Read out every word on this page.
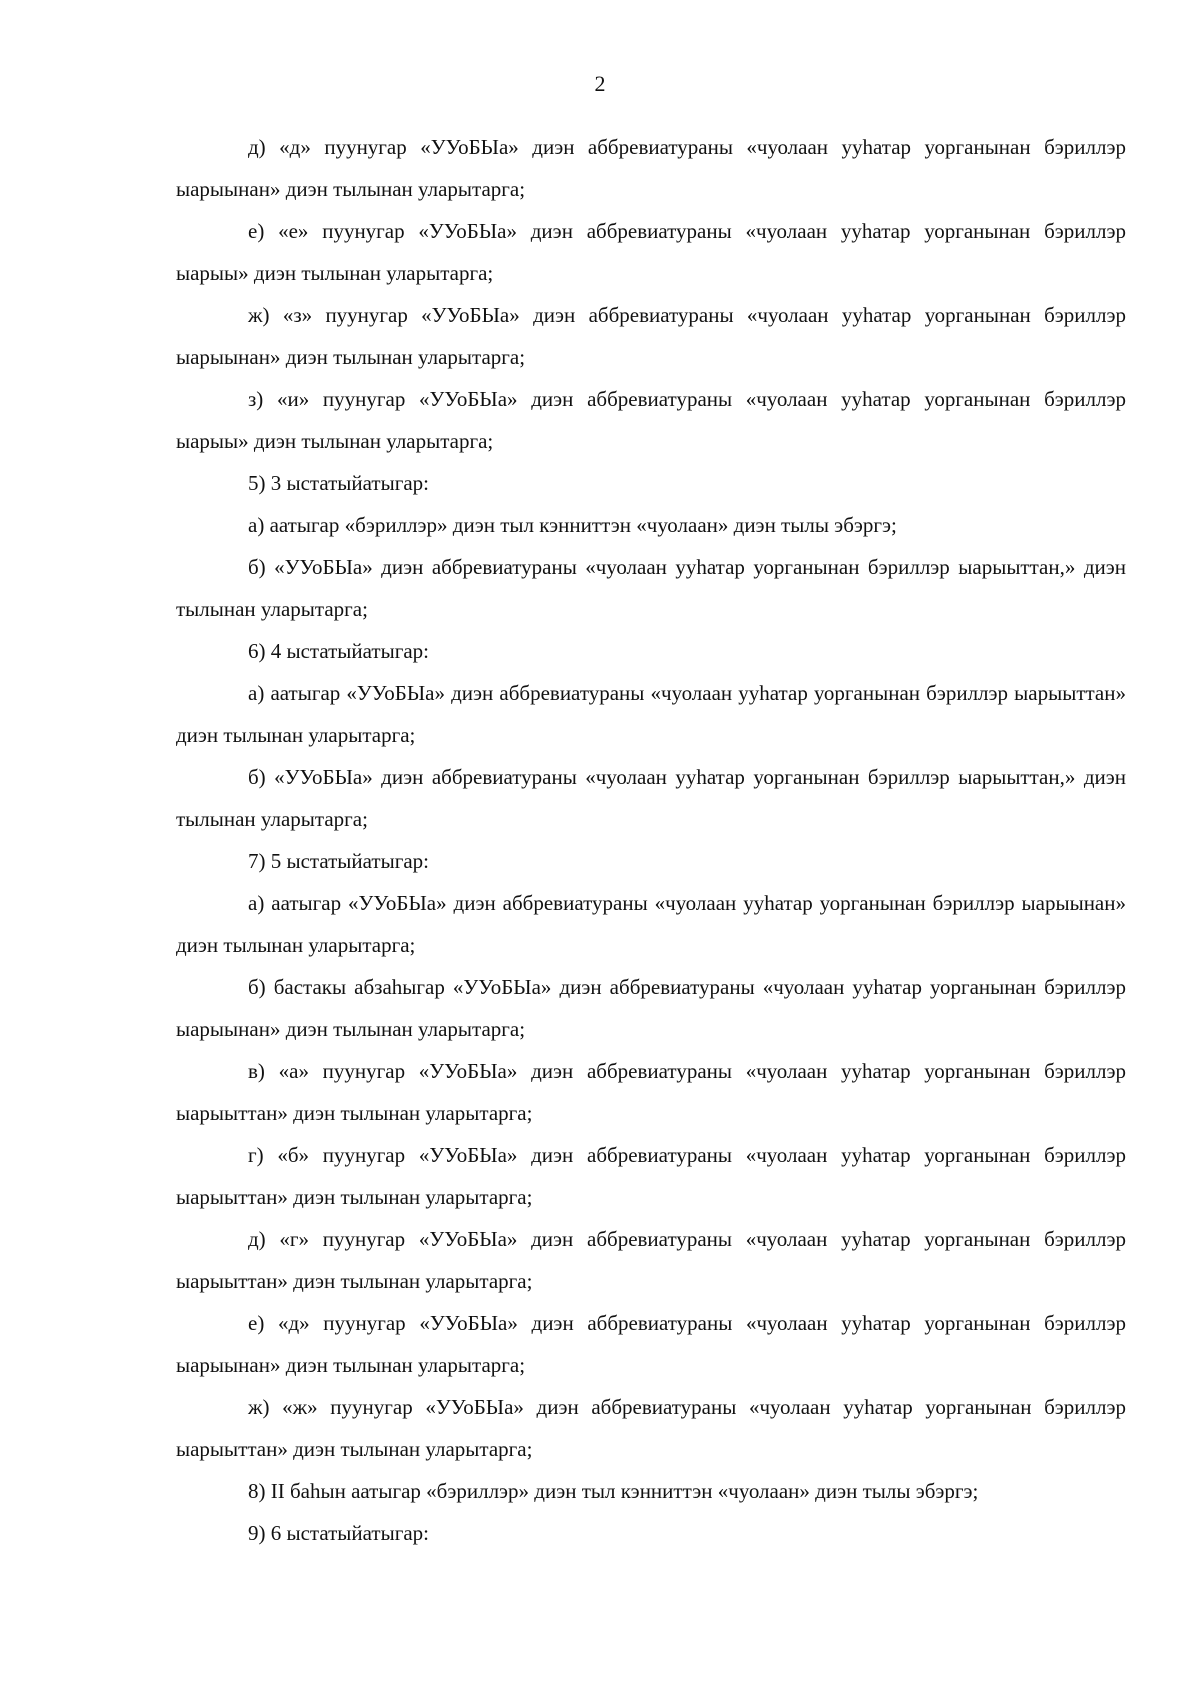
2

д) «д» пуунугар «УУоБЫа» диэн аббревиатураны «чуолаан ууһатар уорганынан бэриллэр ыарыынан» диэн тылынан уларытарга;

е) «е» пуунугар «УУоБЫа» диэн аббревиатураны «чуолаан ууһатар уорганынан бэриллэр ыарыы» диэн тылынан уларытарга;

ж) «з» пуунугар «УУоБЫа» диэн аббревиатураны «чуолаан ууһатар уорганынан бэриллэр ыарыынан» диэн тылынан уларытарга;

з) «и» пуунугар «УУоБЫа» диэн аббревиатураны «чуолаан ууһатар уорганынан бэриллэр ыарыы» диэн тылынан уларытарга;

5) 3 ыстатыйатыгар:

а) аатыгар «бэриллэр» диэн тыл кэнниттэн «чуолаан» диэн тылы эбэргэ;

б) «УУоБЫа» диэн аббревиатураны «чуолаан ууһатар уорганынан бэриллэр ыарыыттан,» диэн тылынан уларытарга;

6) 4 ыстатыйатыгар:

а) аатыгар «УУоБЫа» диэн аббревиатураны «чуолаан ууһатар уорганынан бэриллэр ыарыыттан» диэн тылынан уларытарга;

б) «УУоБЫа» диэн аббревиатураны «чуолаан ууһатар уорганынан бэриллэр ыарыыттан,» диэн тылынан уларытарга;

7) 5 ыстатыйатыгар:

а) аатыгар «УУоБЫа» диэн аббревиатураны «чуолаан ууһатар уорганынан бэриллэр ыарыынан» диэн тылынан уларытарга;

б) бастакы абзаһыгар «УУоБЫа» диэн аббревиатураны «чуолаан ууһатар уорганынан бэриллэр ыарыынан» диэн тылынан уларытарга;

в) «а» пуунугар «УУоБЫа» диэн аббревиатураны «чуолаан ууһатар уорганынан бэриллэр ыарыыттан» диэн тылынан уларытарга;

г) «б» пуунугар «УУоБЫа» диэн аббревиатураны «чуолаан ууһатар уорганынан бэриллэр ыарыыттан» диэн тылынан уларытарга;

д) «г» пуунугар «УУоБЫа» диэн аббревиатураны «чуолаан ууһатар уорганынан бэриллэр ыарыыттан» диэн тылынан уларытарга;

е) «д» пуунугар «УУоБЫа» диэн аббревиатураны «чуолаан ууһатар уорганынан бэриллэр ыарыынан» диэн тылынан уларытарга;

ж) «ж» пуунугар «УУоБЫа» диэн аббревиатураны «чуолаан ууһатар уорганынан бэриллэр ыарыыттан» диэн тылынан уларытарга;

8) II баһын аатыгар «бэриллэр» диэн тыл кэнниттэн «чуолаан» диэн тылы эбэргэ;

9) 6 ыстатыйатыгар:
